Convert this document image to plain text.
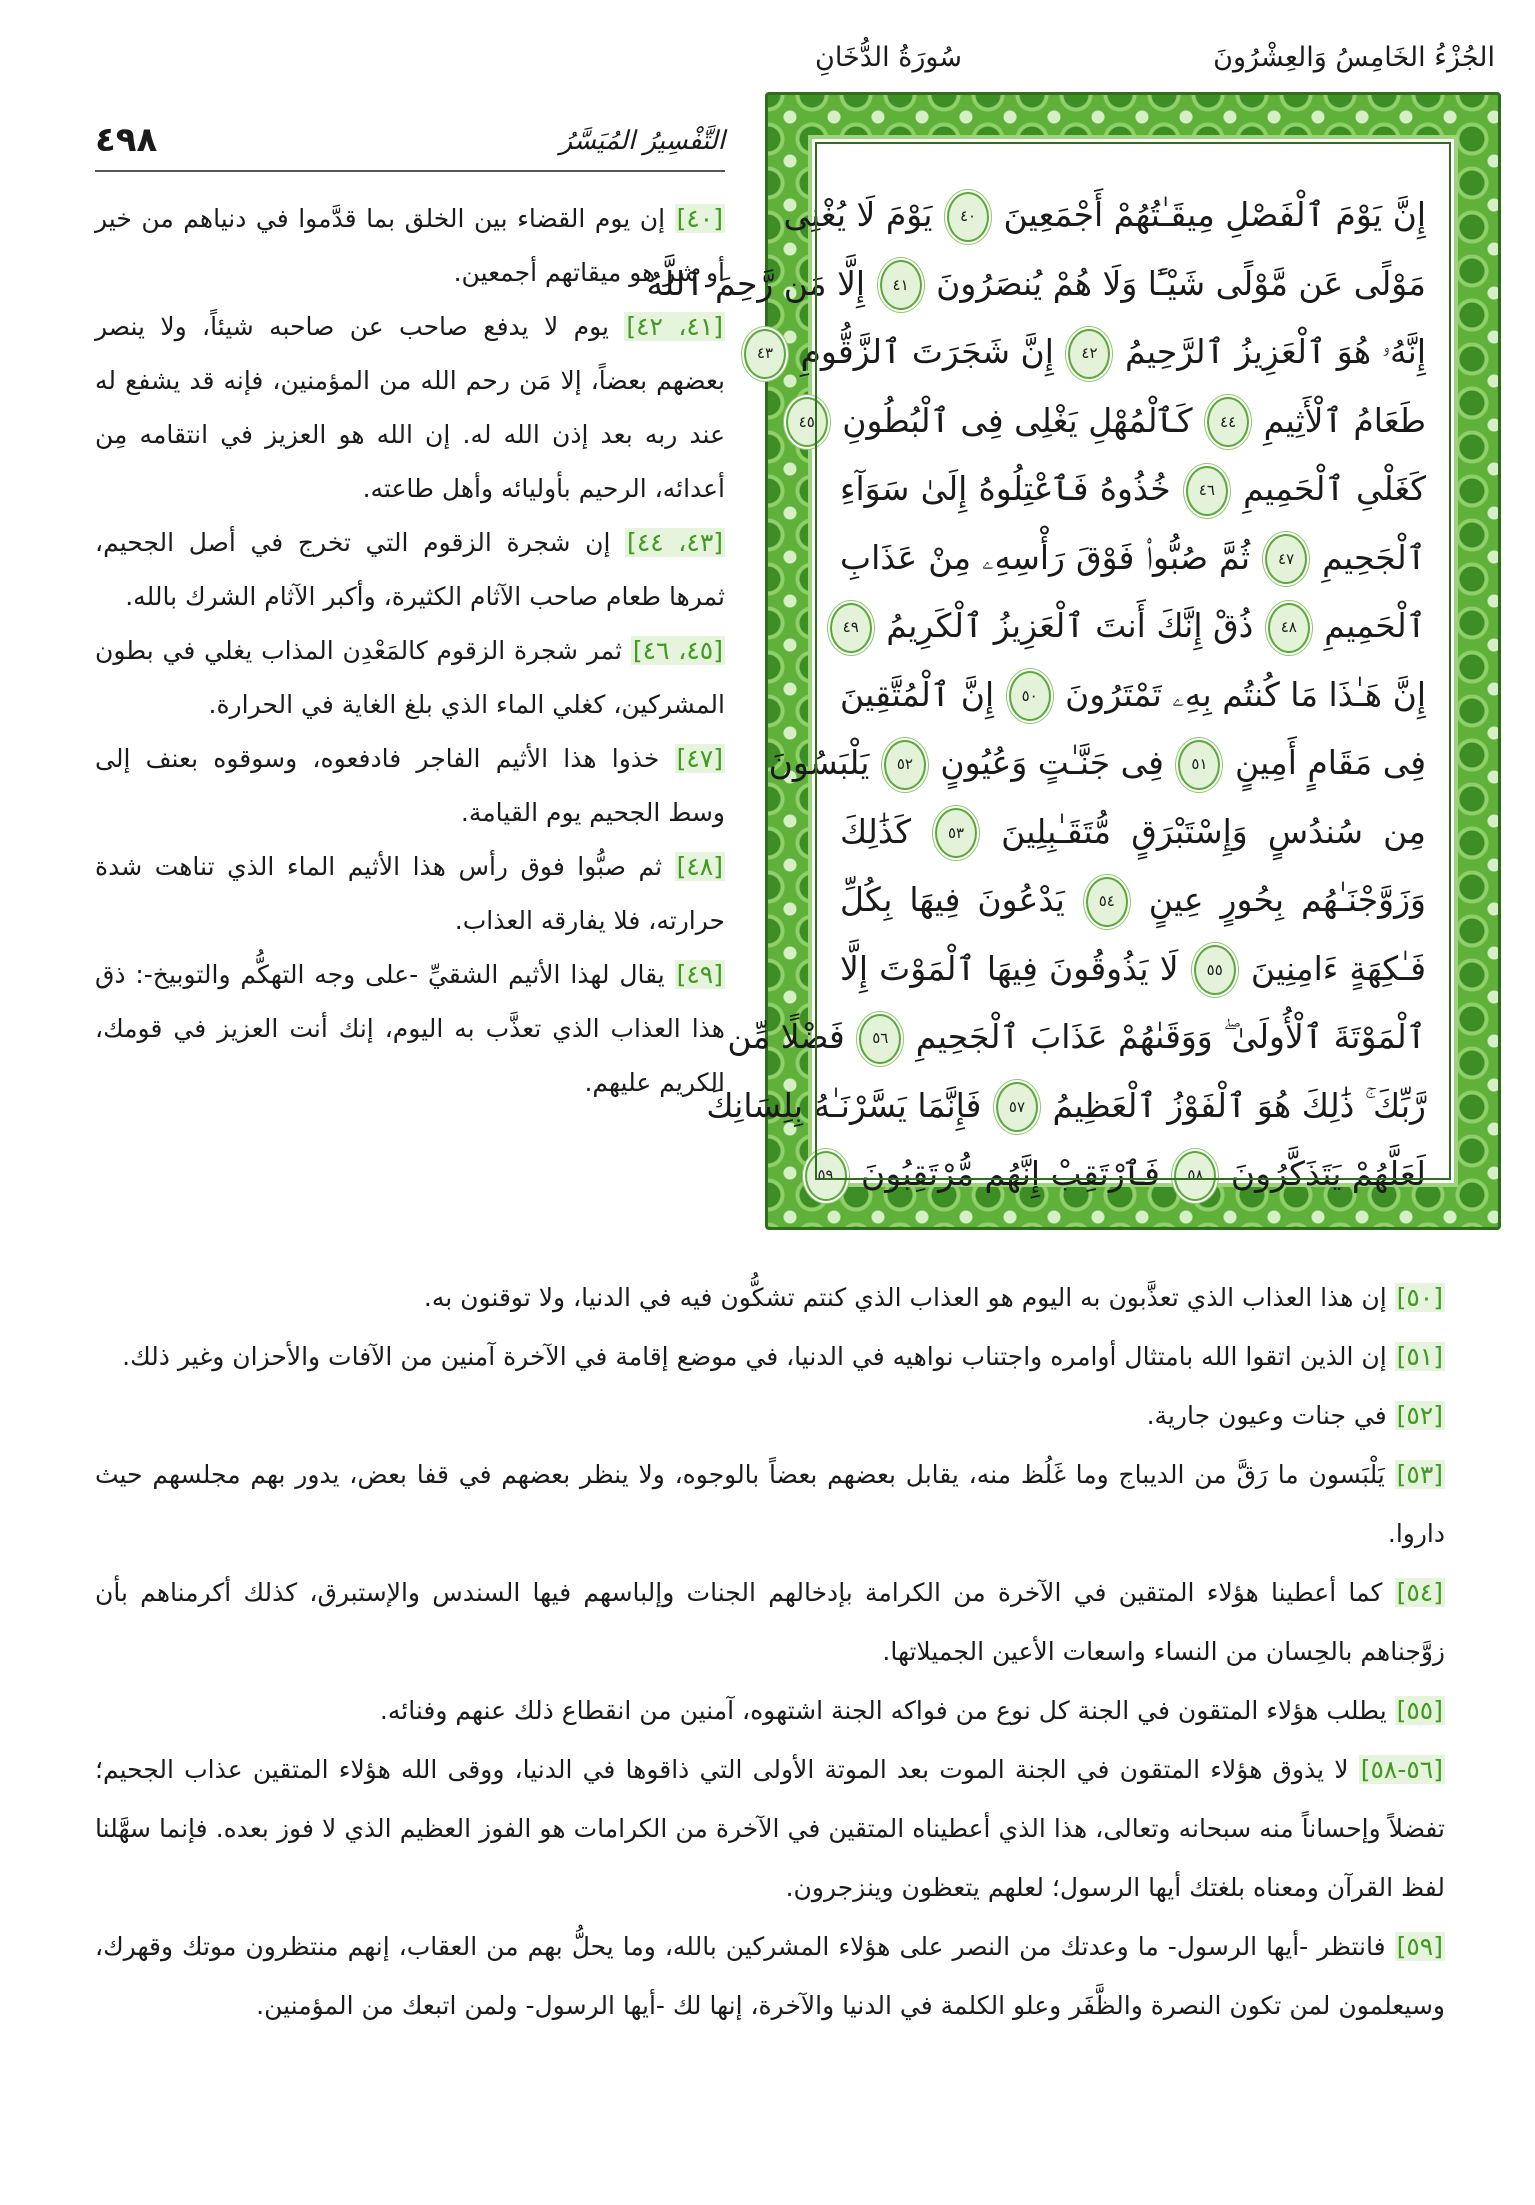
الجُزْءُ الخَامِسُ وَالعِشْرُونَ
سُورَةُ الدُّخَانِ
إِنَّ يَوْمَ ٱلْفَصْلِ مِيقَـٰتُهُمْ أَجْمَعِينَ ٤٠ يَوْمَ لَا يُغْنِى
مَوْلًى عَن مَّوْلًى شَيْـًٔا وَلَا هُمْ يُنصَرُونَ ٤١ إِلَّا مَن رَّحِمَ ٱللَّهُ
إِنَّهُۥ هُوَ ٱلْعَزِيزُ ٱلرَّحِيمُ ٤٢ إِنَّ شَجَرَتَ ٱلزَّقُّومِ ٤٣
طَعَامُ ٱلْأَثِيمِ ٤٤ كَٱلْمُهْلِ يَغْلِى فِى ٱلْبُطُونِ ٤٥
كَغَلْىِ ٱلْحَمِيمِ ٤٦ خُذُوهُ فَٱعْتِلُوهُ إِلَىٰ سَوَآءِ
ٱلْجَحِيمِ ٤٧ ثُمَّ صُبُّوا۟ فَوْقَ رَأْسِهِۦ مِنْ عَذَابِ
ٱلْحَمِيمِ ٤٨ ذُقْ إِنَّكَ أَنتَ ٱلْعَزِيزُ ٱلْكَرِيمُ ٤٩
إِنَّ هَـٰذَا مَا كُنتُم بِهِۦ تَمْتَرُونَ ٥٠ إِنَّ ٱلْمُتَّقِينَ
فِى مَقَامٍ أَمِينٍ ٥١ فِى جَنَّـٰتٍ وَعُيُونٍ ٥٢ يَلْبَسُونَ
مِن سُندُسٍ وَإِسْتَبْرَقٍ مُّتَقَـٰبِلِينَ ٥٣ كَذَٰلِكَ
وَزَوَّجْنَـٰهُم بِحُورٍ عِينٍ ٥٤ يَدْعُونَ فِيهَا بِكُلِّ
فَـٰكِهَةٍ ءَامِنِينَ ٥٥ لَا يَذُوقُونَ فِيهَا ٱلْمَوْتَ إِلَّا
ٱلْمَوْتَةَ ٱلْأُولَىٰ ۖ وَوَقَىٰهُمْ عَذَابَ ٱلْجَحِيمِ ٥٦ فَضْلًا مِّن
رَّبِّكَ ۚ ذَٰلِكَ هُوَ ٱلْفَوْزُ ٱلْعَظِيمُ ٥٧ فَإِنَّمَا يَسَّرْنَـٰهُ بِلِسَانِكَ
لَعَلَّهُمْ يَتَذَكَّرُونَ ٥٨ فَٱرْتَقِبْ إِنَّهُم مُّرْتَقِبُونَ ٥٩
التَّفْسِيرُ المُيَسَّرُ
٤٩٨

[٤٠] إن يوم القضاء بين الخلق بما قدَّموا في دنياهم من خير أو شر هو ميقاتهم أجمعين.

[٤١، ٤٢] يوم لا يدفع صاحب عن صاحبه شيئاً، ولا ينصر بعضهم بعضاً، إلا مَن رحم الله من المؤمنين، فإنه قد يشفع له عند ربه بعد إذن الله له. إن الله هو العزيز في انتقامه مِن أعدائه، الرحيم بأوليائه وأهل طاعته.

[٤٣، ٤٤] إن شجرة الزقوم التي تخرج في أصل الجحيم، ثمرها طعام صاحب الآثام الكثيرة، وأكبر الآثام الشرك بالله.

[٤٥، ٤٦] ثمر شجرة الزقوم كالمَعْدِن المذاب يغلي في بطون المشركين، كغلي الماء الذي بلغ الغاية في الحرارة.

[٤٧] خذوا هذا الأثيم الفاجر فادفعوه، وسوقوه بعنف إلى وسط الجحيم يوم القيامة.

[٤٨] ثم صبُّوا فوق رأس هذا الأثيم الماء الذي تناهت شدة حرارته، فلا يفارقه العذاب.

[٤٩] يقال لهذا الأثيم الشقيِّ -على وجه التهكُّم والتوبيخ-: ذق هذا العذاب الذي تعذَّب به اليوم، إنك أنت العزيز في قومك، الكريم عليهم.

[٥٠] إن هذا العذاب الذي تعذَّبون به اليوم هو العذاب الذي كنتم تشكُّون فيه في الدنيا، ولا توقنون به.

[٥١] إن الذين اتقوا الله بامتثال أوامره واجتناب نواهيه في الدنيا، في موضع إقامة في الآخرة آمنين من الآفات والأحزان وغير ذلك.

[٥٢] في جنات وعيون جارية.

[٥٣] يَلْبَسون ما رَقَّ من الديباج وما غَلُظ منه، يقابل بعضهم بعضاً بالوجوه، ولا ينظر بعضهم في قفا بعض، يدور بهم مجلسهم حيث داروا.

[٥٤] كما أعطينا هؤلاء المتقين في الآخرة من الكرامة بإدخالهم الجنات وإلباسهم فيها السندس والإستبرق، كذلك أكرمناهم بأن زوَّجناهم بالحِسان من النساء واسعات الأعين الجميلاتها.

[٥٥] يطلب هؤلاء المتقون في الجنة كل نوع من فواكه الجنة اشتهوه، آمنين من انقطاع ذلك عنهم وفنائه.

[٥٦-٥٨] لا يذوق هؤلاء المتقون في الجنة الموت بعد الموتة الأولى التي ذاقوها في الدنيا، ووقى الله هؤلاء المتقين عذاب الجحيم؛ تفضلاً وإحساناً منه سبحانه وتعالى، هذا الذي أعطيناه المتقين في الآخرة من الكرامات هو الفوز العظيم الذي لا فوز بعده. فإنما سهَّلنا لفظ القرآن ومعناه بلغتك أيها الرسول؛ لعلهم يتعظون وينزجرون.

[٥٩] فانتظر -أيها الرسول- ما وعدتك من النصر على هؤلاء المشركين بالله، وما يحلُّ بهم من العقاب، إنهم منتظرون موتك وقهرك، وسيعلمون لمن تكون النصرة والظَّفَر وعلو الكلمة في الدنيا والآخرة، إنها لك -أيها الرسول- ولمن اتبعك من المؤمنين.
